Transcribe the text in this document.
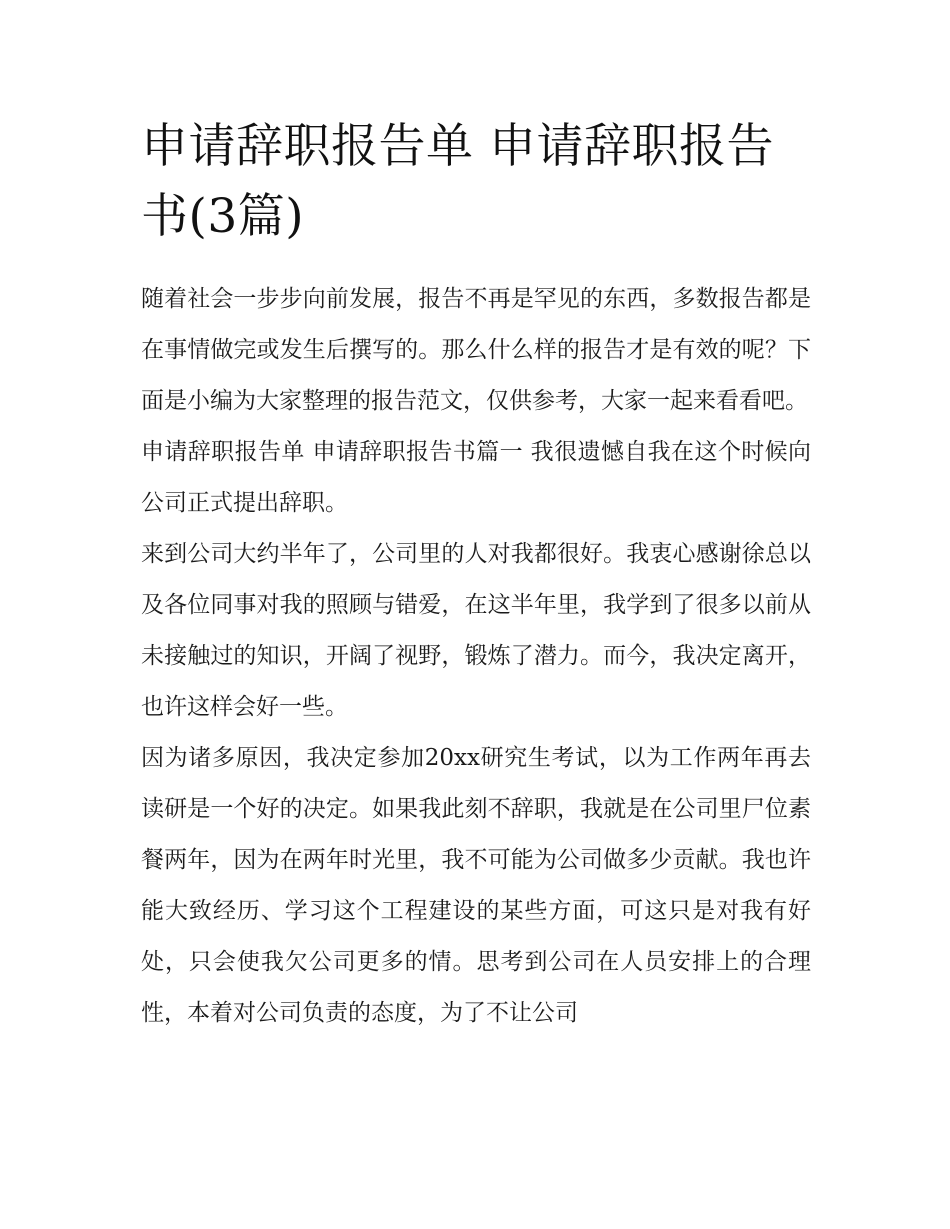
申请辞职报告单 申请辞职报告书(3篇)

随着社会一步步向前发展，报告不再是罕见的东西，多数报告都是在事情做完或发生后撰写的。那么什么样的报告才是有效的呢？下面是小编为大家整理的报告范文，仅供参考，大家一起来看看吧。

申请辞职报告单 申请辞职报告书篇一 我很遗憾自我在这个时候向公司正式提出辞职。

来到公司大约半年了，公司里的人对我都很好。我衷心感谢徐总以及各位同事对我的照顾与错爱，在这半年里，我学到了很多以前从未接触过的知识，开阔了视野，锻炼了潜力。而今，我决定离开，也许这样会好一些。

因为诸多原因，我决定参加20xx研究生考试，以为工作两年再去读研是一个好的决定。如果我此刻不辞职，我就是在公司里尸位素餐两年，因为在两年时光里，我不可能为公司做多少贡献。我也许能大致经历、学习这个工程建设的某些方面，可这只是对我有好处，只会使我欠公司更多的情。思考到公司在人员安排上的合理性，本着对公司负责的态度，为了不让公司
